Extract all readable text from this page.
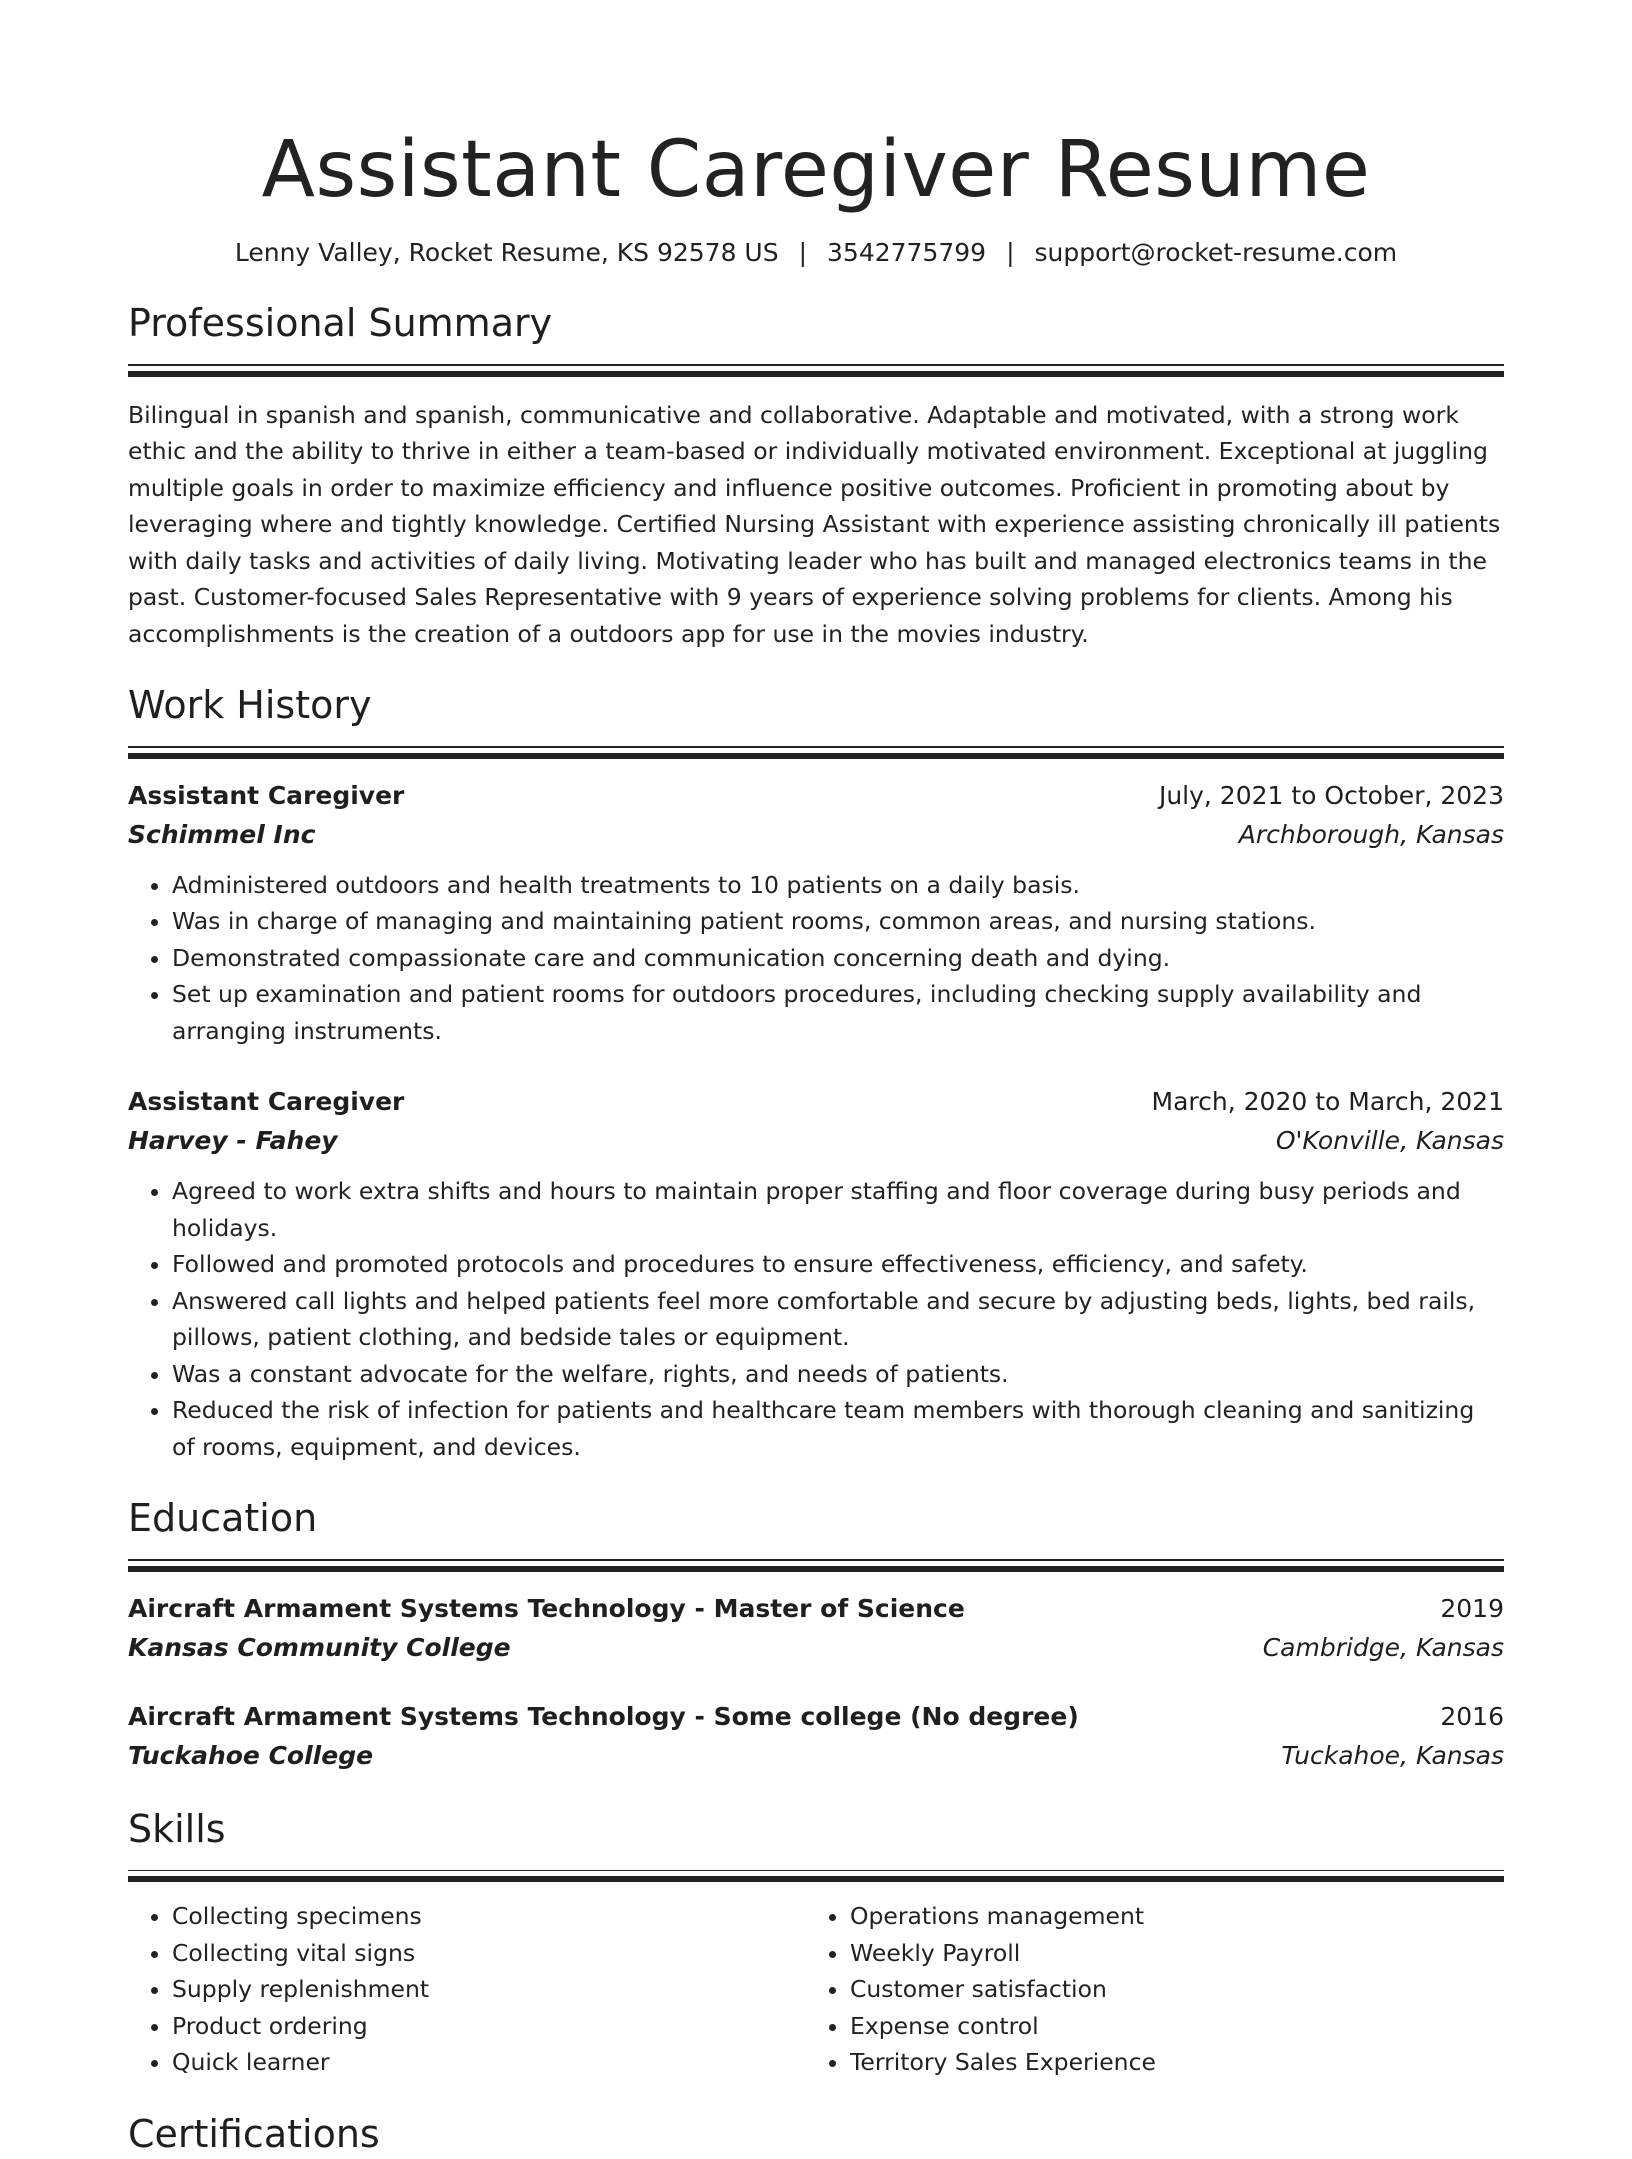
Assistant Caregiver Resume
Lenny Valley, Rocket Resume, KS 92578 US | 3542775799 | support@rocket-resume.com
Professional Summary
Bilingual in spanish and spanish, communicative and collaborative. Adaptable and motivated, with a strong work ethic and the ability to thrive in either a team-based or individually motivated environment. Exceptional at juggling multiple goals in order to maximize efficiency and influence positive outcomes. Proficient in promoting about by leveraging where and tightly knowledge. Certified Nursing Assistant with experience assisting chronically ill patients with daily tasks and activities of daily living. Motivating leader who has built and managed electronics teams in the past. Customer-focused Sales Representative with 9 years of experience solving problems for clients. Among his accomplishments is the creation of a outdoors app for use in the movies industry.
Work History
Assistant Caregiver	July, 2021 to October, 2023
Schimmel Inc	Archborough, Kansas
• Administered outdoors and health treatments to 10 patients on a daily basis.
• Was in charge of managing and maintaining patient rooms, common areas, and nursing stations.
• Demonstrated compassionate care and communication concerning death and dying.
• Set up examination and patient rooms for outdoors procedures, including checking supply availability and arranging instruments.
Assistant Caregiver	March, 2020 to March, 2021
Harvey - Fahey	O'Konville, Kansas
• Agreed to work extra shifts and hours to maintain proper staffing and floor coverage during busy periods and holidays.
• Followed and promoted protocols and procedures to ensure effectiveness, efficiency, and safety.
• Answered call lights and helped patients feel more comfortable and secure by adjusting beds, lights, bed rails, pillows, patient clothing, and bedside tales or equipment.
• Was a constant advocate for the welfare, rights, and needs of patients.
• Reduced the risk of infection for patients and healthcare team members with thorough cleaning and sanitizing of rooms, equipment, and devices.
Education
Aircraft Armament Systems Technology - Master of Science	2019
Kansas Community College	Cambridge, Kansas
Aircraft Armament Systems Technology - Some college (No degree)	2016
Tuckahoe College	Tuckahoe, Kansas
Skills
• Collecting specimens
• Collecting vital signs
• Supply replenishment
• Product ordering
• Quick learner
• Operations management
• Weekly Payroll
• Customer satisfaction
• Expense control
• Territory Sales Experience
Certifications
